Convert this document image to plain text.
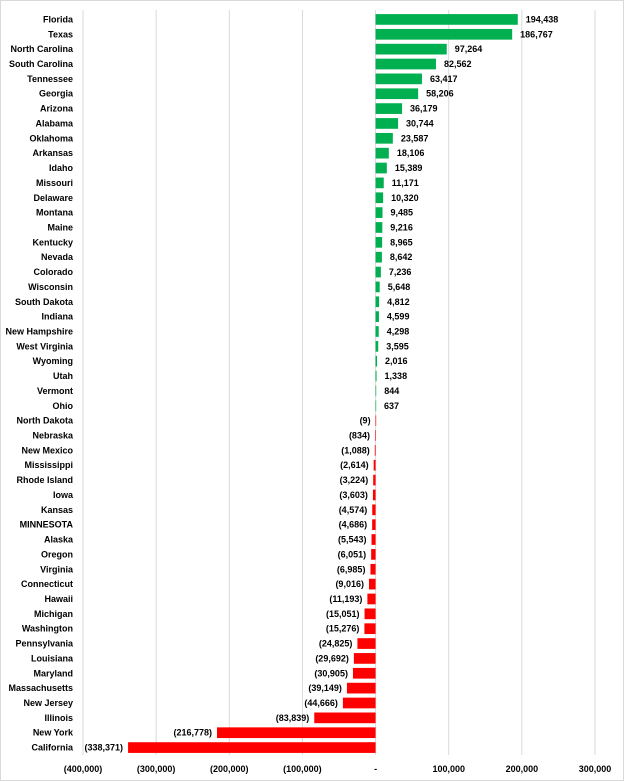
Florida	194,438
Texas	186,767
North Carolina	97,264
South Carolina	82,562
Tennessee	63,417
Georgia	58,206
Arizona	36,179
Alabama	30,744
Oklahoma	23,587
Arkansas	18,106
Idaho	15,389
Missouri	11,171
Delaware	10,320
Montana	9,485
Maine	9,216
Kentucky	8,965
Nevada	8,642
Colorado	7,236
Wisconsin	5,648
South Dakota	4,812
Indiana	4,599
New Hampshire	4,298
West Virginia	3,595
Wyoming	2,016
Utah	1,338
Vermont	844
Ohio	637
North Dakota	(9)
Nebraska	(834)
New Mexico	(1,088)
Mississippi	(2,614)
Rhode Island	(3,224)
Iowa	(3,603)
Kansas	(4,574)
MINNESOTA	(4,686)
Alaska	(5,543)
Oregon	(6,051)
Virginia	(6,985)
Connecticut	(9,016)
Hawaii	(11,193)
Michigan	(15,051)
Washington	(15,276)
Pennsylvania	(24,825)
Louisiana	(29,692)
Maryland	(30,905)
Massachusetts	(39,149)
New Jersey	(44,666)
Illinois	(83,839)
New York	(216,778)
California (338,371)
(400,000)	(300,000)	(200,000)	(100,000)	-	100,000	200,000	300,000
